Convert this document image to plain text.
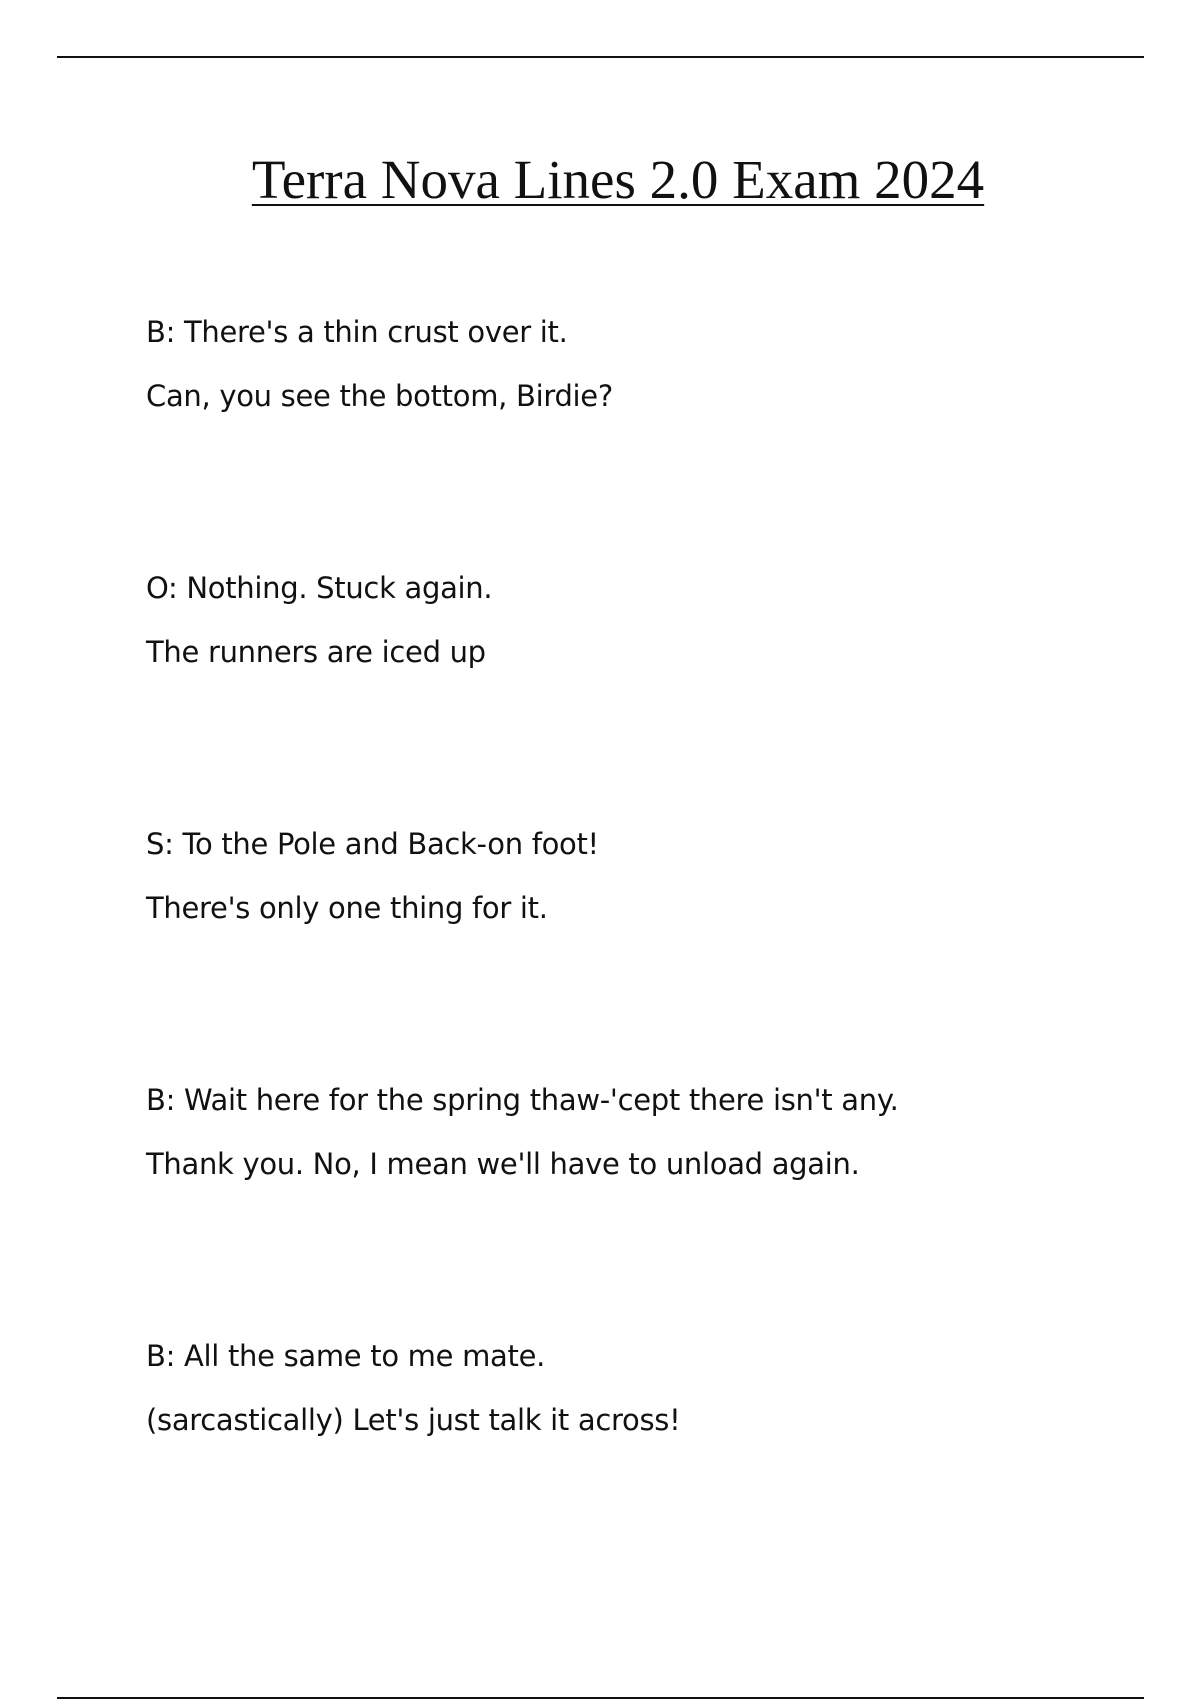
Terra Nova Lines 2.0 Exam 2024
B: There's a thin crust over it.
Can, you see the bottom, Birdie?
O: Nothing. Stuck again.
The runners are iced up
S: To the Pole and Back-on foot!
There's only one thing for it.
B: Wait here for the spring thaw-'cept there isn't any.
Thank you. No, I mean we'll have to unload again.
B: All the same to me mate.
(sarcastically) Let's just talk it across!
